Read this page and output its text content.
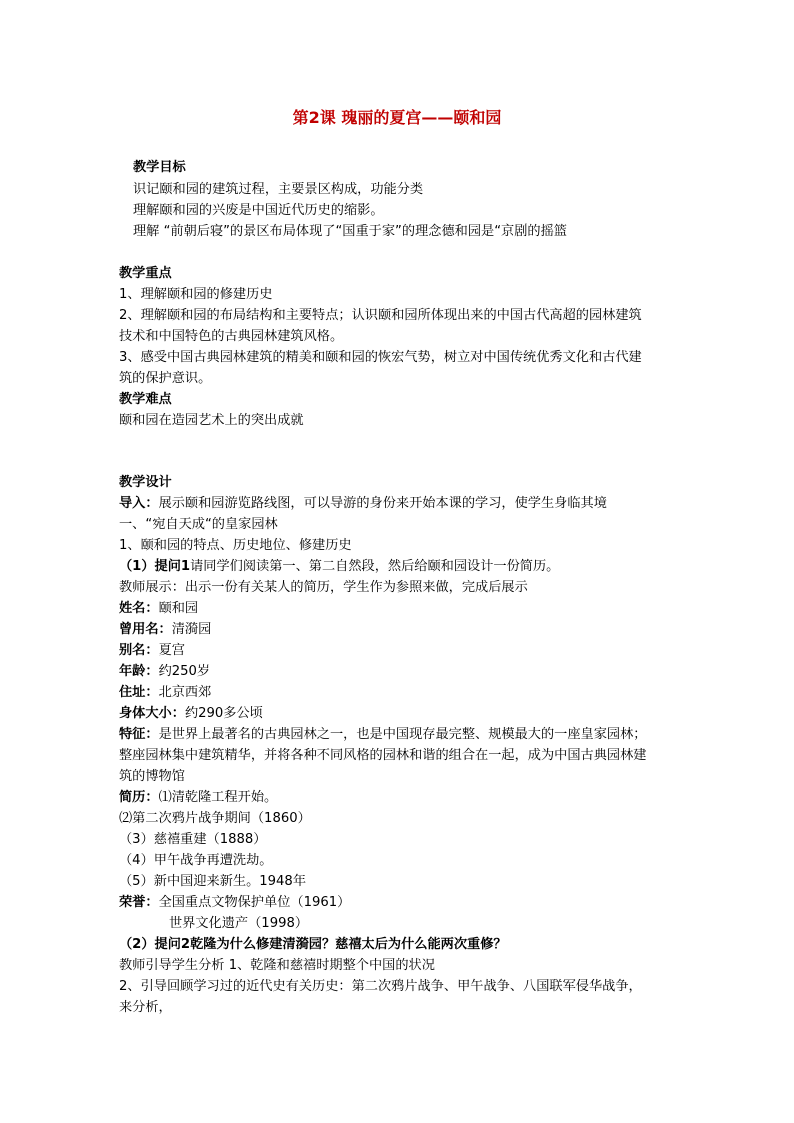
第2课 瑰丽的夏宫——颐和园
教学目标
识记颐和园的建筑过程，主要景区构成，功能分类
理解颐和园的兴废是中国近代历史的缩影。
理解 “前朝后寝”的景区布局体现了“国重于家”的理念德和园是“京剧的摇篮
教学重点
1、理解颐和园的修建历史
2、理解颐和园的布局结构和主要特点；认识颐和园所体现出来的中国古代高超的园林建筑
技术和中国特色的古典园林建筑风格。
3、感受中国古典园林建筑的精美和颐和园的恢宏气势，树立对中国传统优秀文化和古代建
筑的保护意识。
教学难点
颐和园在造园艺术上的突出成就
教学设计
导入：展示颐和园游览路线图，可以导游的身份来开始本课的学习，使学生身临其境
一、“宛自天成“的皇家园林
1、颐和园的特点、历史地位、修建历史
（1）提问1请同学们阅读第一、第二自然段，然后给颐和园设计一份简历。
教师展示：出示一份有关某人的简历，学生作为参照来做，完成后展示
姓名：颐和园
曾用名：清漪园
别名：夏宫
年龄：约250岁
住址：北京西郊
身体大小：约290多公顷
特征：是世界上最著名的古典园林之一，也是中国现存最完整、规模最大的一座皇家园林；
整座园林集中建筑精华，并将各种不同风格的园林和谐的组合在一起，成为中国古典园林建
筑的博物馆
简历：⑴清乾隆工程开始。
⑵第二次鸦片战争期间（1860）
（3）慈禧重建（1888）
（4）甲午战争再遭洗劫。
（5）新中国迎来新生。1948年
荣誉：全国重点文物保护单位（1961）
世界文化遗产（1998）
（2）提问2乾隆为什么修建清漪园？慈禧太后为什么能两次重修？
教师引导学生分析 1、乾隆和慈禧时期整个中国的状况
2、引导回顾学习过的近代史有关历史：第二次鸦片战争、甲午战争、八国联军侵华战争，
来分析，
